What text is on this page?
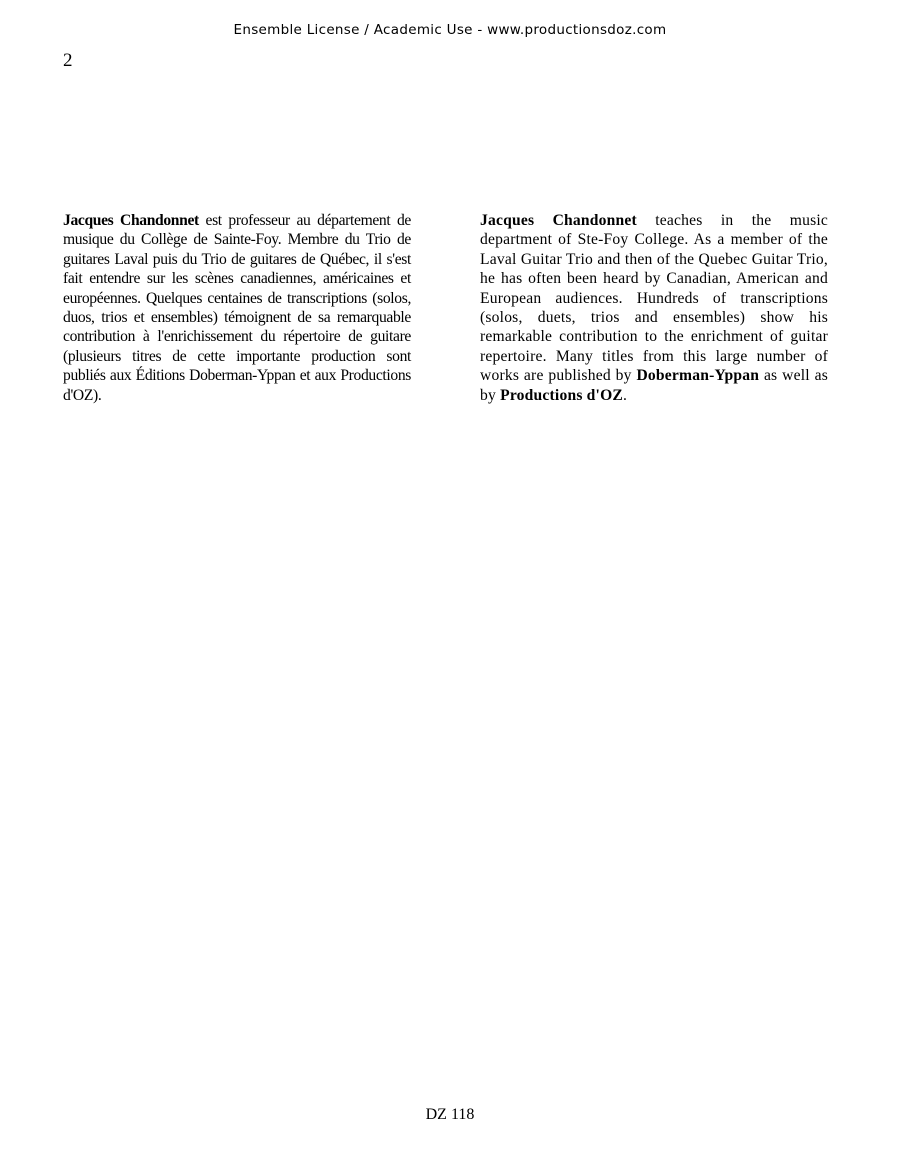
Ensemble License / Academic Use - www.productionsdoz.com
2
Jacques Chandonnet est professeur au département de musique du Collège de Sainte-Foy. Membre du Trio de guitares Laval puis du Trio de guitares de Québec, il s'est fait entendre sur les scènes canadiennes, américaines et européennes. Quelques centaines de transcriptions (solos, duos, trios et ensembles) témoignent de sa remarquable contribution à l'enrichissement du répertoire de guitare (plusieurs titres de cette importante production sont publiés aux Éditions Doberman-Yppan et aux Productions d'OZ).
Jacques Chandonnet teaches in the music department of Ste-Foy College. As a member of the Laval Guitar Trio and then of the Quebec Guitar Trio, he has often been heard by Canadian, American and European audiences. Hundreds of transcriptions (solos, duets, trios and ensembles) show his remarkable contribution to the enrichment of guitar repertoire. Many titles from this large number of works are published by Doberman-Yppan as well as by Productions d'OZ.
DZ 118
